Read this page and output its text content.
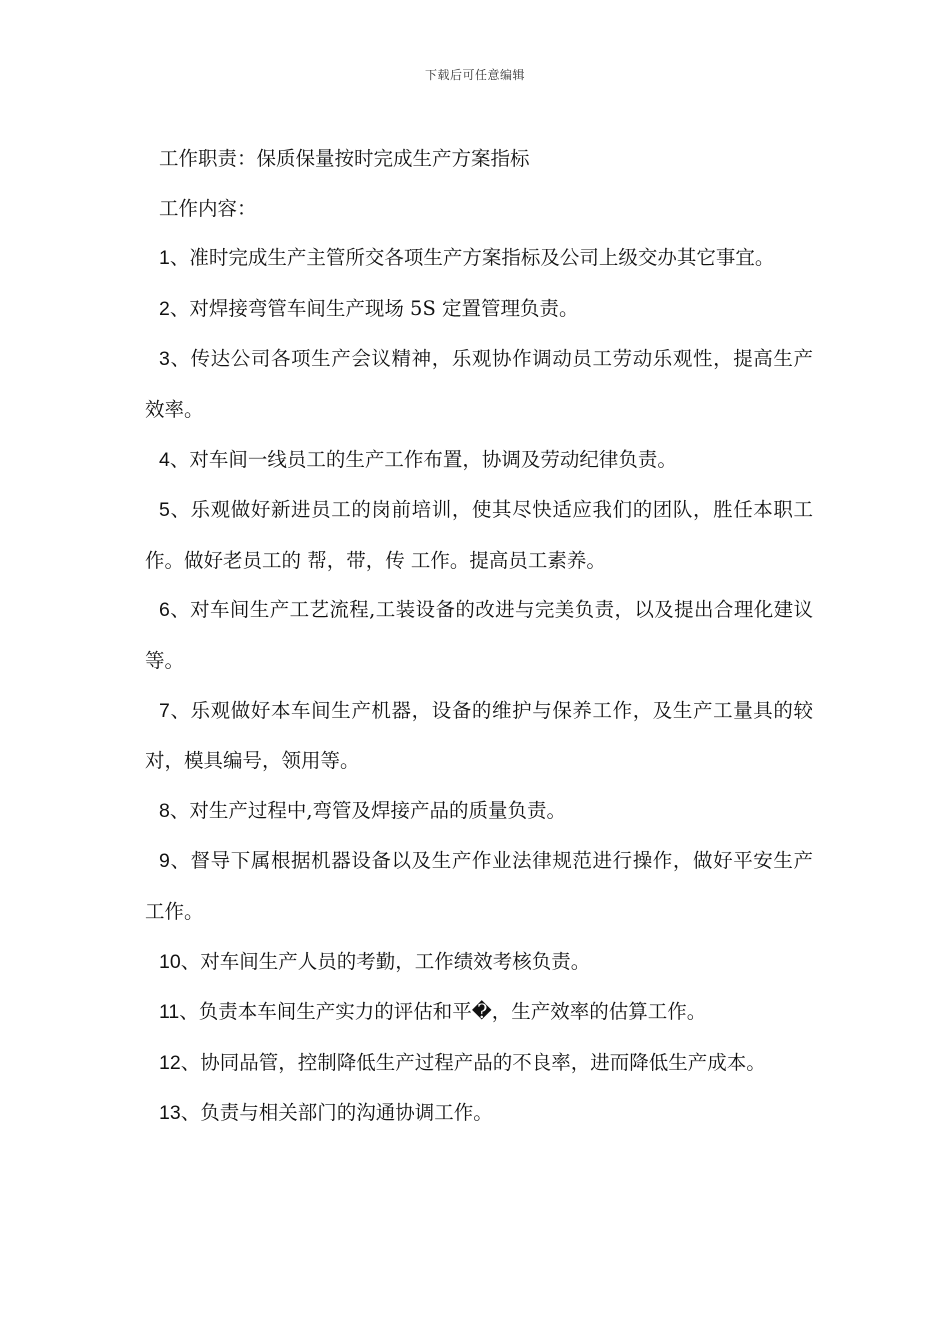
下载后可任意编辑

工作职责：保质保量按时完成生产方案指标

工作内容：

1、准时完成生产主管所交各项生产方案指标及公司上级交办其它事宜。

2、对焊接弯管车间生产现场 5S 定置管理负责。

3、传达公司各项生产会议精神，乐观协作调动员工劳动乐观性，提高生产效率。

4、对车间一线员工的生产工作布置，协调及劳动纪律负责。

5、乐观做好新进员工的岗前培训，使其尽快适应我们的团队，胜任本职工作。做好老员工的 帮，带，传 工作。提高员工素养。

6、对车间生产工艺流程,工装设备的改进与完美负责，以及提出合理化建议等。

7、乐观做好本车间生产机器，设备的维护与保养工作，及生产工量具的较对，模具编号，领用等。

8、对生产过程中,弯管及焊接产品的质量负责。

9、督导下属根据机器设备以及生产作业法律规范进行操作，做好平安生产工作。

10、对车间生产人员的考勤，工作绩效考核负责。

11、负责本车间生产实力的评估和平�，生产效率的估算工作。

12、协同品管，控制降低生产过程产品的不良率，进而降低生产成本。

13、负责与相关部门的沟通协调工作。
